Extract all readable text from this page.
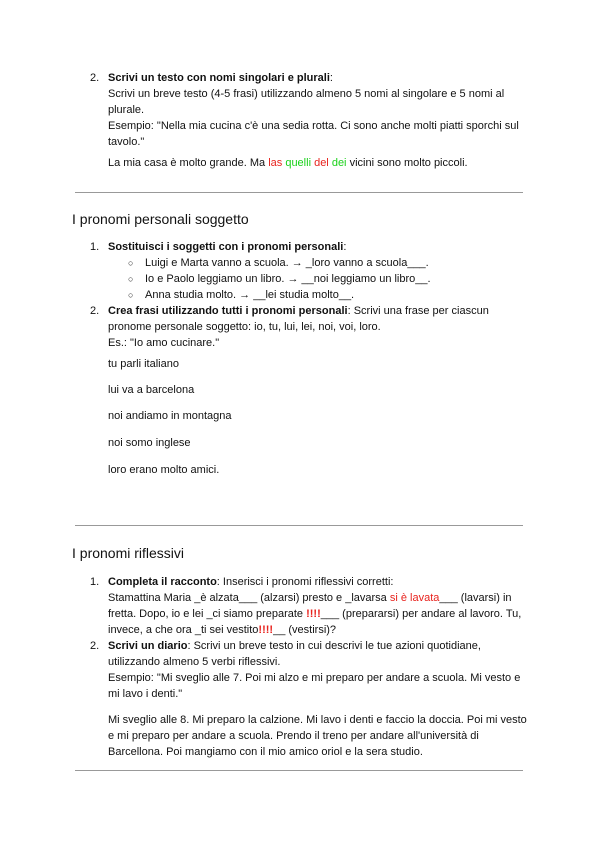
2. Scrivi un testo con nomi singolari e plurali:
Scrivi un breve testo (4-5 frasi) utilizzando almeno 5 nomi al singolare e 5 nomi al plurale.
Esempio: "Nella mia cucina c'è una sedia rotta. Ci sono anche molti piatti sporchi sul tavolo."
La mia casa è molto grande. Ma las quelli del dei vicini sono molto piccoli.
I pronomi personali soggetto
1. Sostituisci i soggetti con i pronomi personali:
○ Luigi e Marta vanno a scuola. → _loro vanno a scuola___.
○ Io e Paolo leggiamo un libro. → __noi leggiamo un libro__.
○ Anna studia molto. → __lei studia molto__.
2. Crea frasi utilizzando tutti i pronomi personali: Scrivi una frase per ciascun pronome personale soggetto: io, tu, lui, lei, noi, voi, loro.
Es.: "Io amo cucinare."
tu parli italiano
lui va a barcelona
noi andiamo in montagna
noi somo inglese
loro erano molto amici.
I pronomi riflessivi
1. Completa il racconto: Inserisci i pronomi riflessivi corretti:
Stamattina Maria _è alzata___ (alzarsi) presto e _lavarsa si è lavata___ (lavarsi) in fretta. Dopo, io e lei _ci siamo preparate !!!!___ (prepararsi) per andare al lavoro. Tu, invece, a che ora _ti sei vestito!!!!__ (vestirsi)?
2. Scrivi un diario: Scrivi un breve testo in cui descrivi le tue azioni quotidiane, utilizzando almeno 5 verbi riflessivi.
Esempio: "Mi sveglio alle 7. Poi mi alzo e mi preparo per andare a scuola. Mi vesto e mi lavo i denti."
Mi sveglio alle 8. Mi preparo la calzione. Mi lavo i denti e faccio la doccia. Poi mi vesto e mi preparo per andare a scuola. Prendo il treno per andare all'università di Barcellona. Poi mangiamo con il mio amico oriol e la sera studio.
